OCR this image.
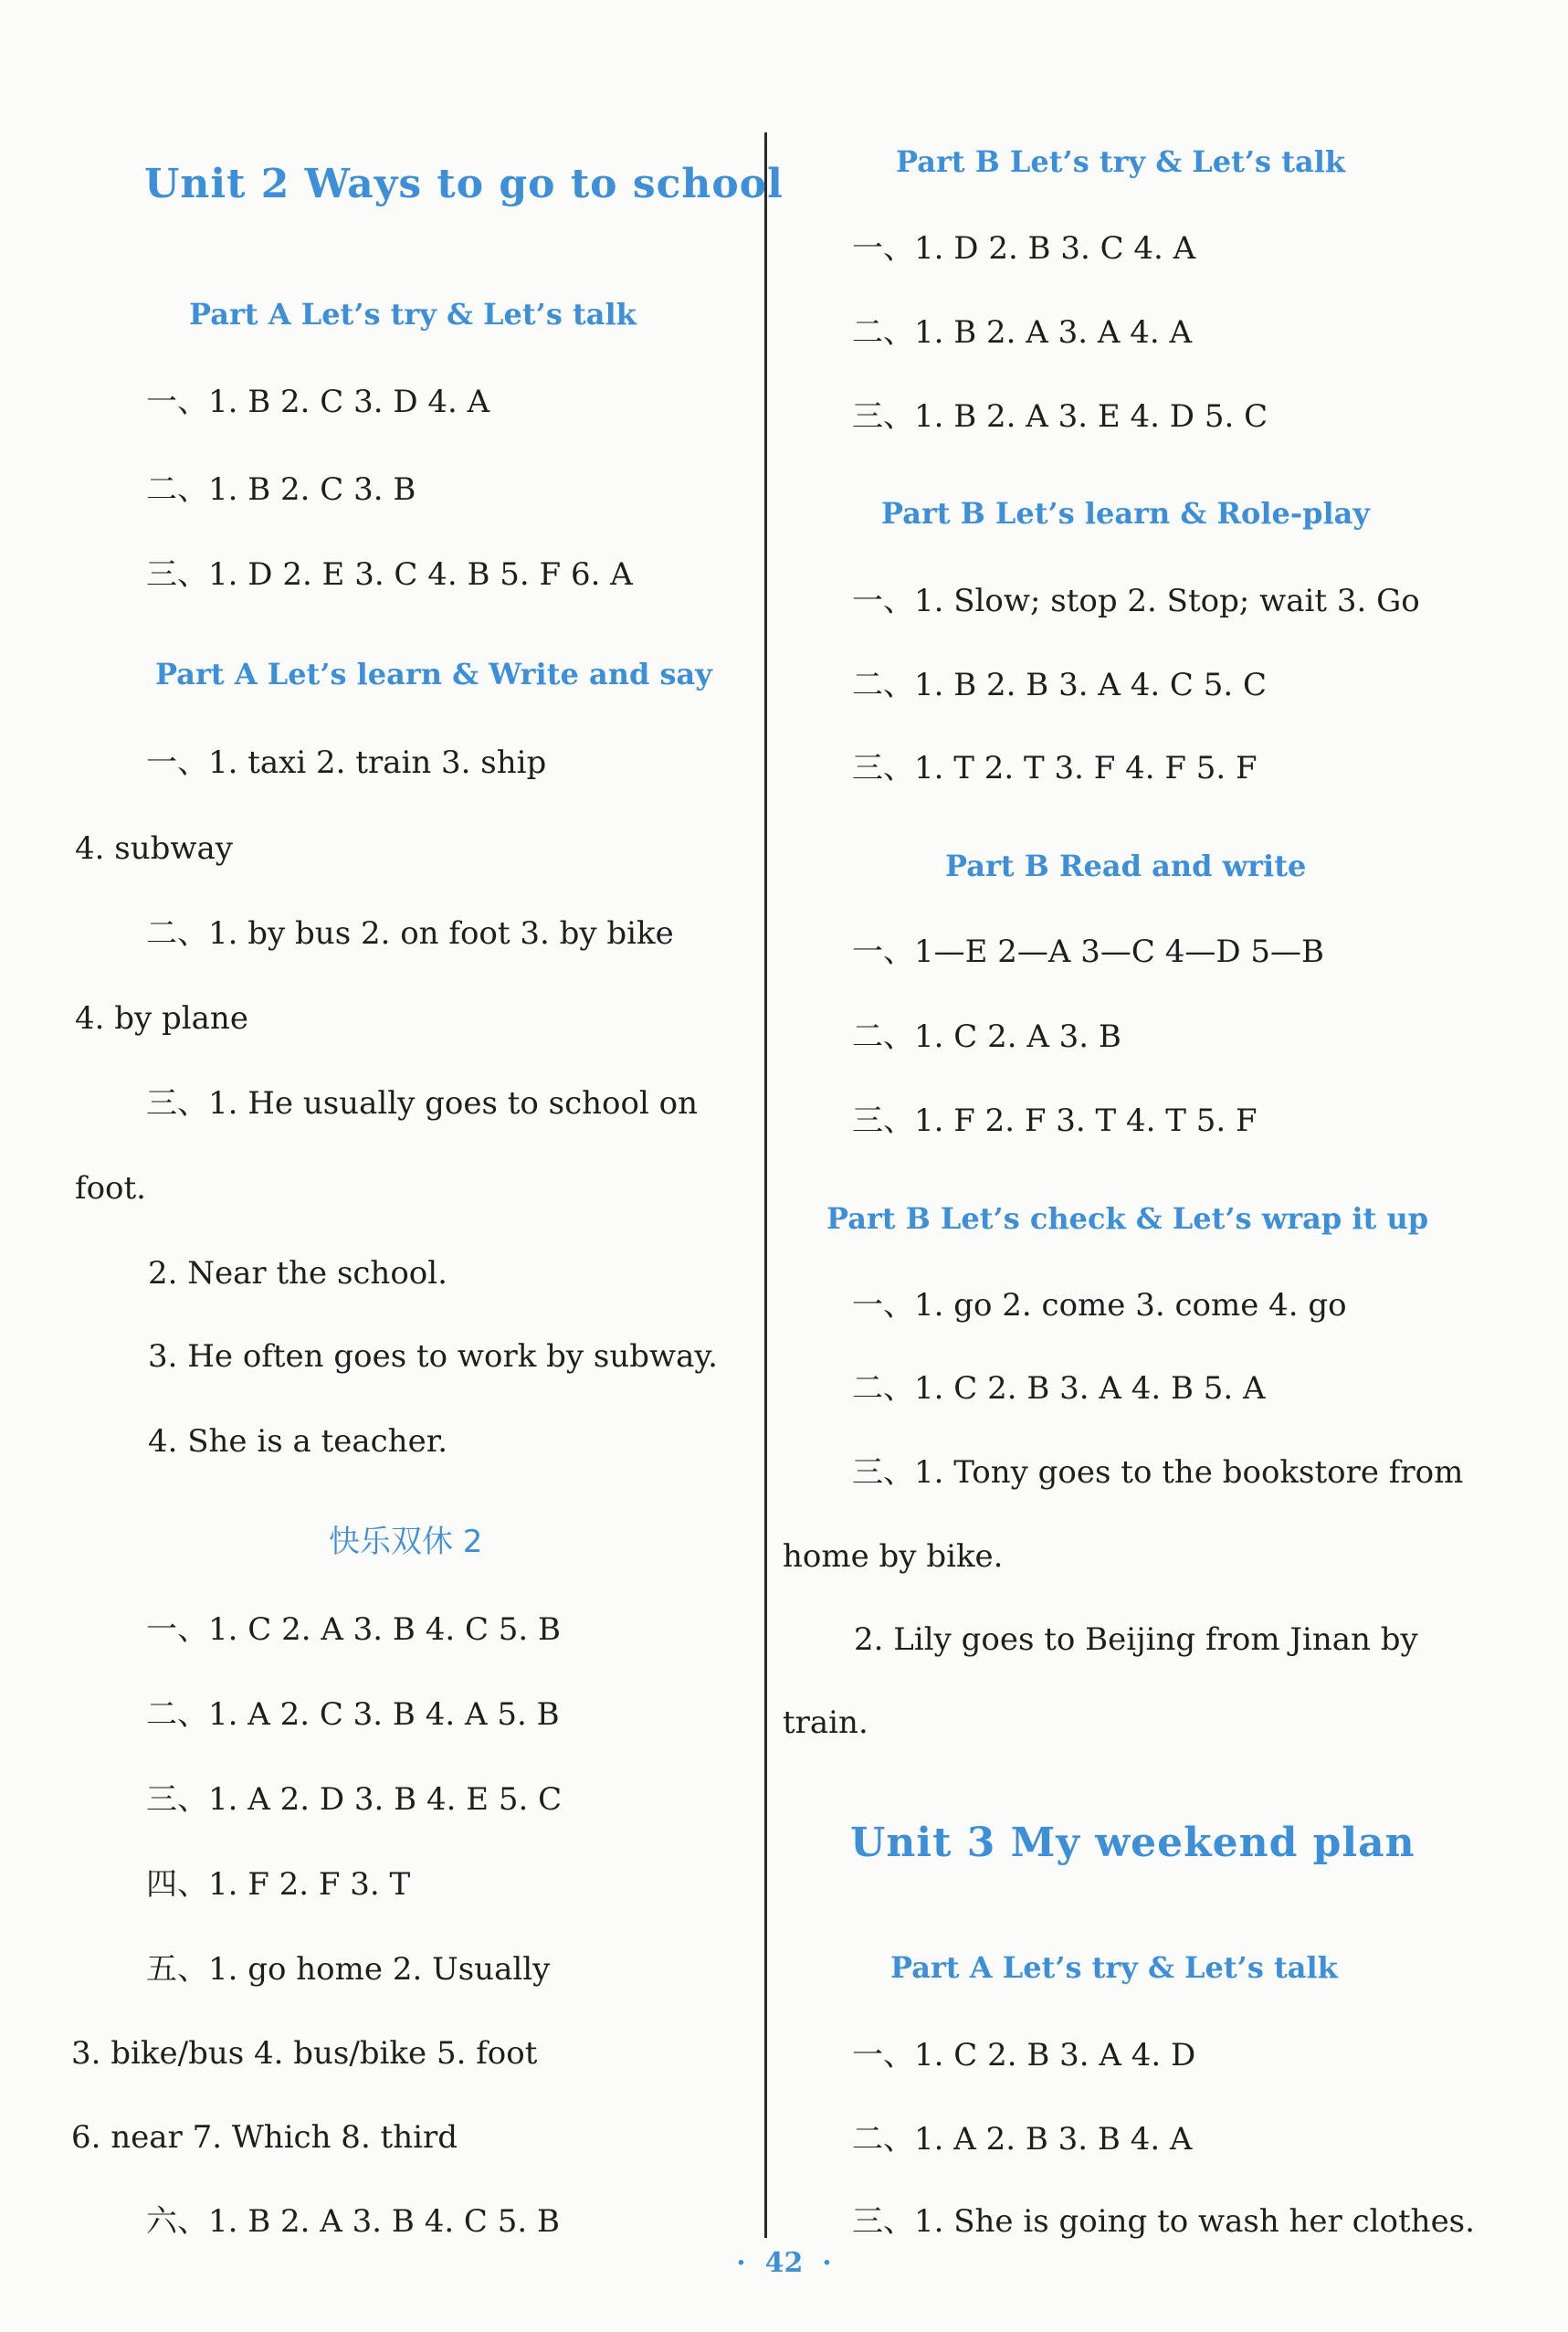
Unit 2 Ways to go to school
Part A Let’s try & Let’s talk
一、1. B 2. C 3. D 4. A
二、1. B 2. C 3. B
三、1. D 2. E 3. C 4. B 5. F 6. A
Part A Let’s learn & Write and say
一、1. taxi 2. train 3. ship
4. subway
二、1. by bus 2. on foot 3. by bike
4. by plane
三、1. He usually goes to school on
foot.
2. Near the school.
3. He often goes to work by subway.
4. She is a teacher.
快乐双休 2
一、1. C 2. A 3. B 4. C 5. B
二、1. A 2. C 3. B 4. A 5. B
三、1. A 2. D 3. B 4. E 5. C
四、1. F 2. F 3. T
五、1. go home 2. Usually
3. bike/bus 4. bus/bike 5. foot
6. near 7. Which 8. third
六、1. B 2. A 3. B 4. C 5. B
Part B Let’s try & Let’s talk
一、1. D 2. B 3. C 4. A
二、1. B 2. A 3. A 4. A
三、1. B 2. A 3. E 4. D 5. C
Part B Let’s learn & Role-play
一、1. Slow; stop 2. Stop; wait 3. Go
二、1. B 2. B 3. A 4. C 5. C
三、1. T 2. T 3. F 4. F 5. F
Part B Read and write
一、1—E 2—A 3—C 4—D 5—B
二、1. C 2. A 3. B
三、1. F 2. F 3. T 4. T 5. F
Part B Let’s check & Let’s wrap it up
一、1. go 2. come 3. come 4. go
二、1. C 2. B 3. A 4. B 5. A
三、1. Tony goes to the bookstore from
home by bike.
2. Lily goes to Beijing from Jinan by
train.
Unit 3 My weekend plan
Part A Let’s try & Let’s talk
一、1. C 2. B 3. A 4. D
二、1. A 2. B 3. B 4. A
三、1. She is going to wash her clothes.
· 42 ·
